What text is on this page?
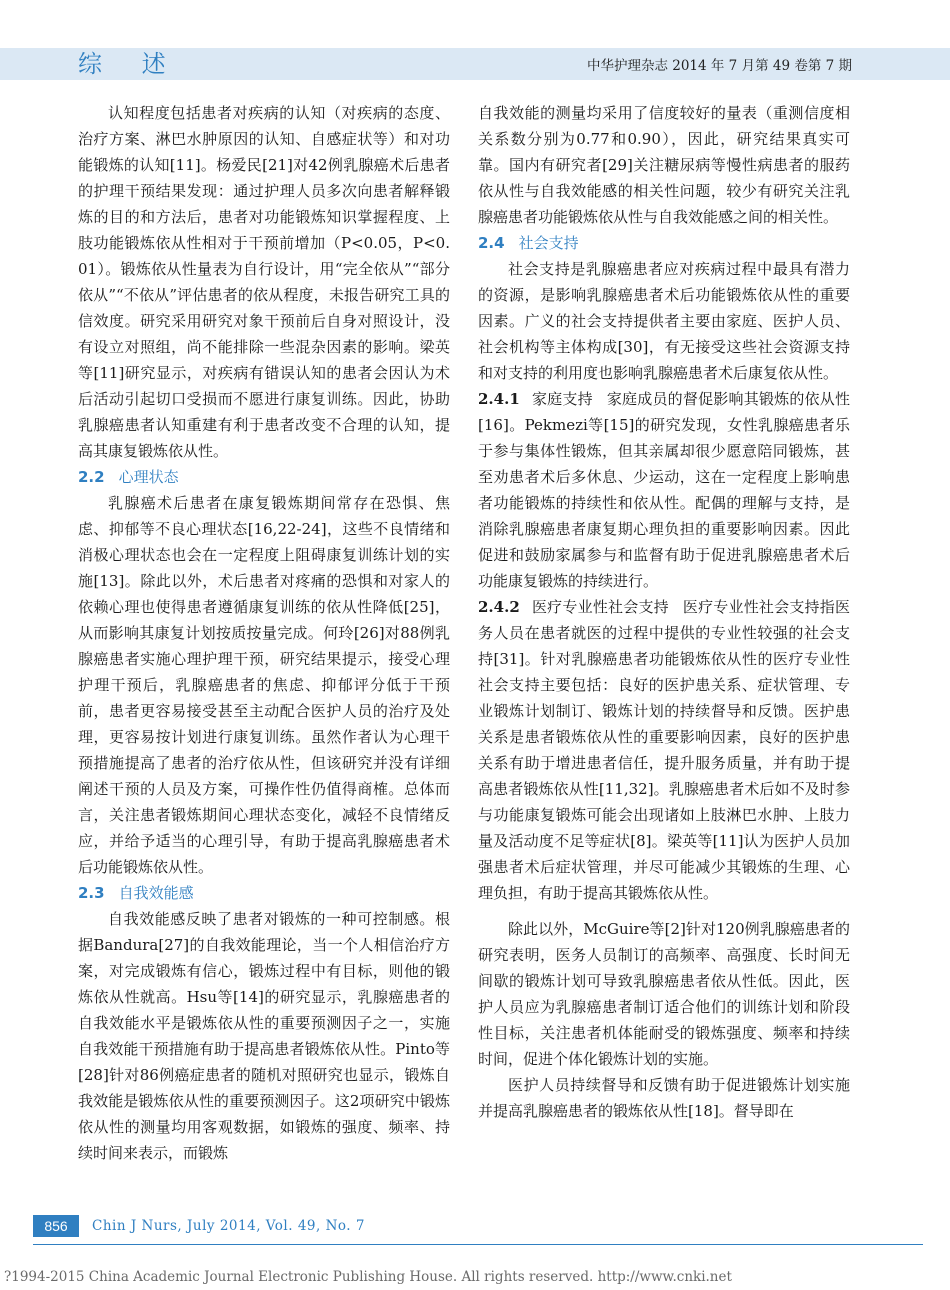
综 述	中华护理杂志 2014 年 7 月第 49 卷第 7 期

认知程度包括患者对疾病的认知（对疾病的态度、治疗方案、淋巴水肿原因的认知、自感症状等）和对功能锻炼的认知[11]。杨爱民[21]对42例乳腺癌术后患者的护理干预结果发现：通过护理人员多次向患者解释锻炼的目的和方法后，患者对功能锻炼知识掌握程度、上肢功能锻炼依从性相对于干预前增加（P<0.05，P<0.01）。锻炼依从性量表为自行设计，用“完全依从”“部分依从”“不依从”评估患者的依从程度，未报告研究工具的信效度。研究采用研究对象干预前后自身对照设计，没有设立对照组，尚不能排除一些混杂因素的影响。梁英等[11]研究显示，对疾病有错误认知的患者会因认为术后活动引起切口受损而不愿进行康复训练。因此，协助乳腺癌患者认知重建有利于患者改变不合理的认知，提高其康复锻炼依从性。

2.2 心理状态

乳腺癌术后患者在康复锻炼期间常存在恐惧、焦虑、抑郁等不良心理状态[16,22-24]，这些不良情绪和消极心理状态也会在一定程度上阻碍康复训练计划的实施[13]。除此以外，术后患者对疼痛的恐惧和对家人的依赖心理也使得患者遵循康复训练的依从性降低[25]，从而影响其康复计划按质按量完成。何玲[26]对88例乳腺癌患者实施心理护理干预，研究结果提示，接受心理护理干预后，乳腺癌患者的焦虑、抑郁评分低于干预前，患者更容易接受甚至主动配合医护人员的治疗及处理，更容易按计划进行康复训练。虽然作者认为心理干预措施提高了患者的治疗依从性，但该研究并没有详细阐述干预的人员及方案，可操作性仍值得商榷。总体而言，关注患者锻炼期间心理状态变化，减轻不良情绪反应，并给予适当的心理引导，有助于提高乳腺癌患者术后功能锻炼依从性。

2.3 自我效能感

自我效能感反映了患者对锻炼的一种可控制感。根据Bandura[27]的自我效能理论，当一个人相信治疗方案，对完成锻炼有信心，锻炼过程中有目标，则他的锻炼依从性就高。Hsu等[14]的研究显示，乳腺癌患者的自我效能水平是锻炼依从性的重要预测因子之一，实施自我效能干预措施有助于提高患者锻炼依从性。Pinto等[28]针对86例癌症患者的随机对照研究也显示，锻炼自我效能是锻炼依从性的重要预测因子。这2项研究中锻炼依从性的测量均用客观数据，如锻炼的强度、频率、持续时间来表示，而锻炼

自我效能的测量均采用了信度较好的量表（重测信度相关系数分别为0.77和0.90），因此，研究结果真实可靠。国内有研究者[29]关注糖尿病等慢性病患者的服药依从性与自我效能感的相关性问题，较少有研究关注乳腺癌患者功能锻炼依从性与自我效能感之间的相关性。

2.4 社会支持

社会支持是乳腺癌患者应对疾病过程中最具有潜力的资源，是影响乳腺癌患者术后功能锻炼依从性的重要因素。广义的社会支持提供者主要由家庭、医护人员、社会机构等主体构成[30]，有无接受这些社会资源支持和对支持的利用度也影响乳腺癌患者术后康复依从性。

2.4.1 家庭支持 家庭成员的督促影响其锻炼的依从性[16]。Pekmezi等[15]的研究发现，女性乳腺癌患者乐于参与集体性锻炼，但其亲属却很少愿意陪同锻炼，甚至劝患者术后多休息、少运动，这在一定程度上影响患者功能锻炼的持续性和依从性。配偶的理解与支持，是消除乳腺癌患者康复期心理负担的重要影响因素。因此促进和鼓励家属参与和监督有助于促进乳腺癌患者术后功能康复锻炼的持续进行。

2.4.2 医疗专业性社会支持 医疗专业性社会支持指医务人员在患者就医的过程中提供的专业性较强的社会支持[31]。针对乳腺癌患者功能锻炼依从性的医疗专业性社会支持主要包括：良好的医护患关系、症状管理、专业锻炼计划制订、锻炼计划的持续督导和反馈。医护患关系是患者锻炼依从性的重要影响因素，良好的医护患关系有助于增进患者信任，提升服务质量，并有助于提高患者锻炼依从性[11,32]。乳腺癌患者术后如不及时参与功能康复锻炼可能会出现诸如上肢淋巴水肿、上肢力量及活动度不足等症状[8]。梁英等[11]认为医护人员加强患者术后症状管理，并尽可能减少其锻炼的生理、心理负担，有助于提高其锻炼依从性。

除此以外，McGuire等[2]针对120例乳腺癌患者的研究表明，医务人员制订的高频率、高强度、长时间无间歇的锻炼计划可导致乳腺癌患者依从性低。因此，医护人员应为乳腺癌患者制订适合他们的训练计划和阶段性目标，关注患者机体能耐受的锻炼强度、频率和持续时间，促进个体化锻炼计划的实施。

医护人员持续督导和反馈有助于促进锻炼计划实施并提高乳腺癌患者的锻炼依从性[18]。督导即在

856	Chin J Nurs, July 2014, Vol. 49, No. 7
?1994-2015 China Academic Journal Electronic Publishing House. All rights reserved. http://www.cnki.net
